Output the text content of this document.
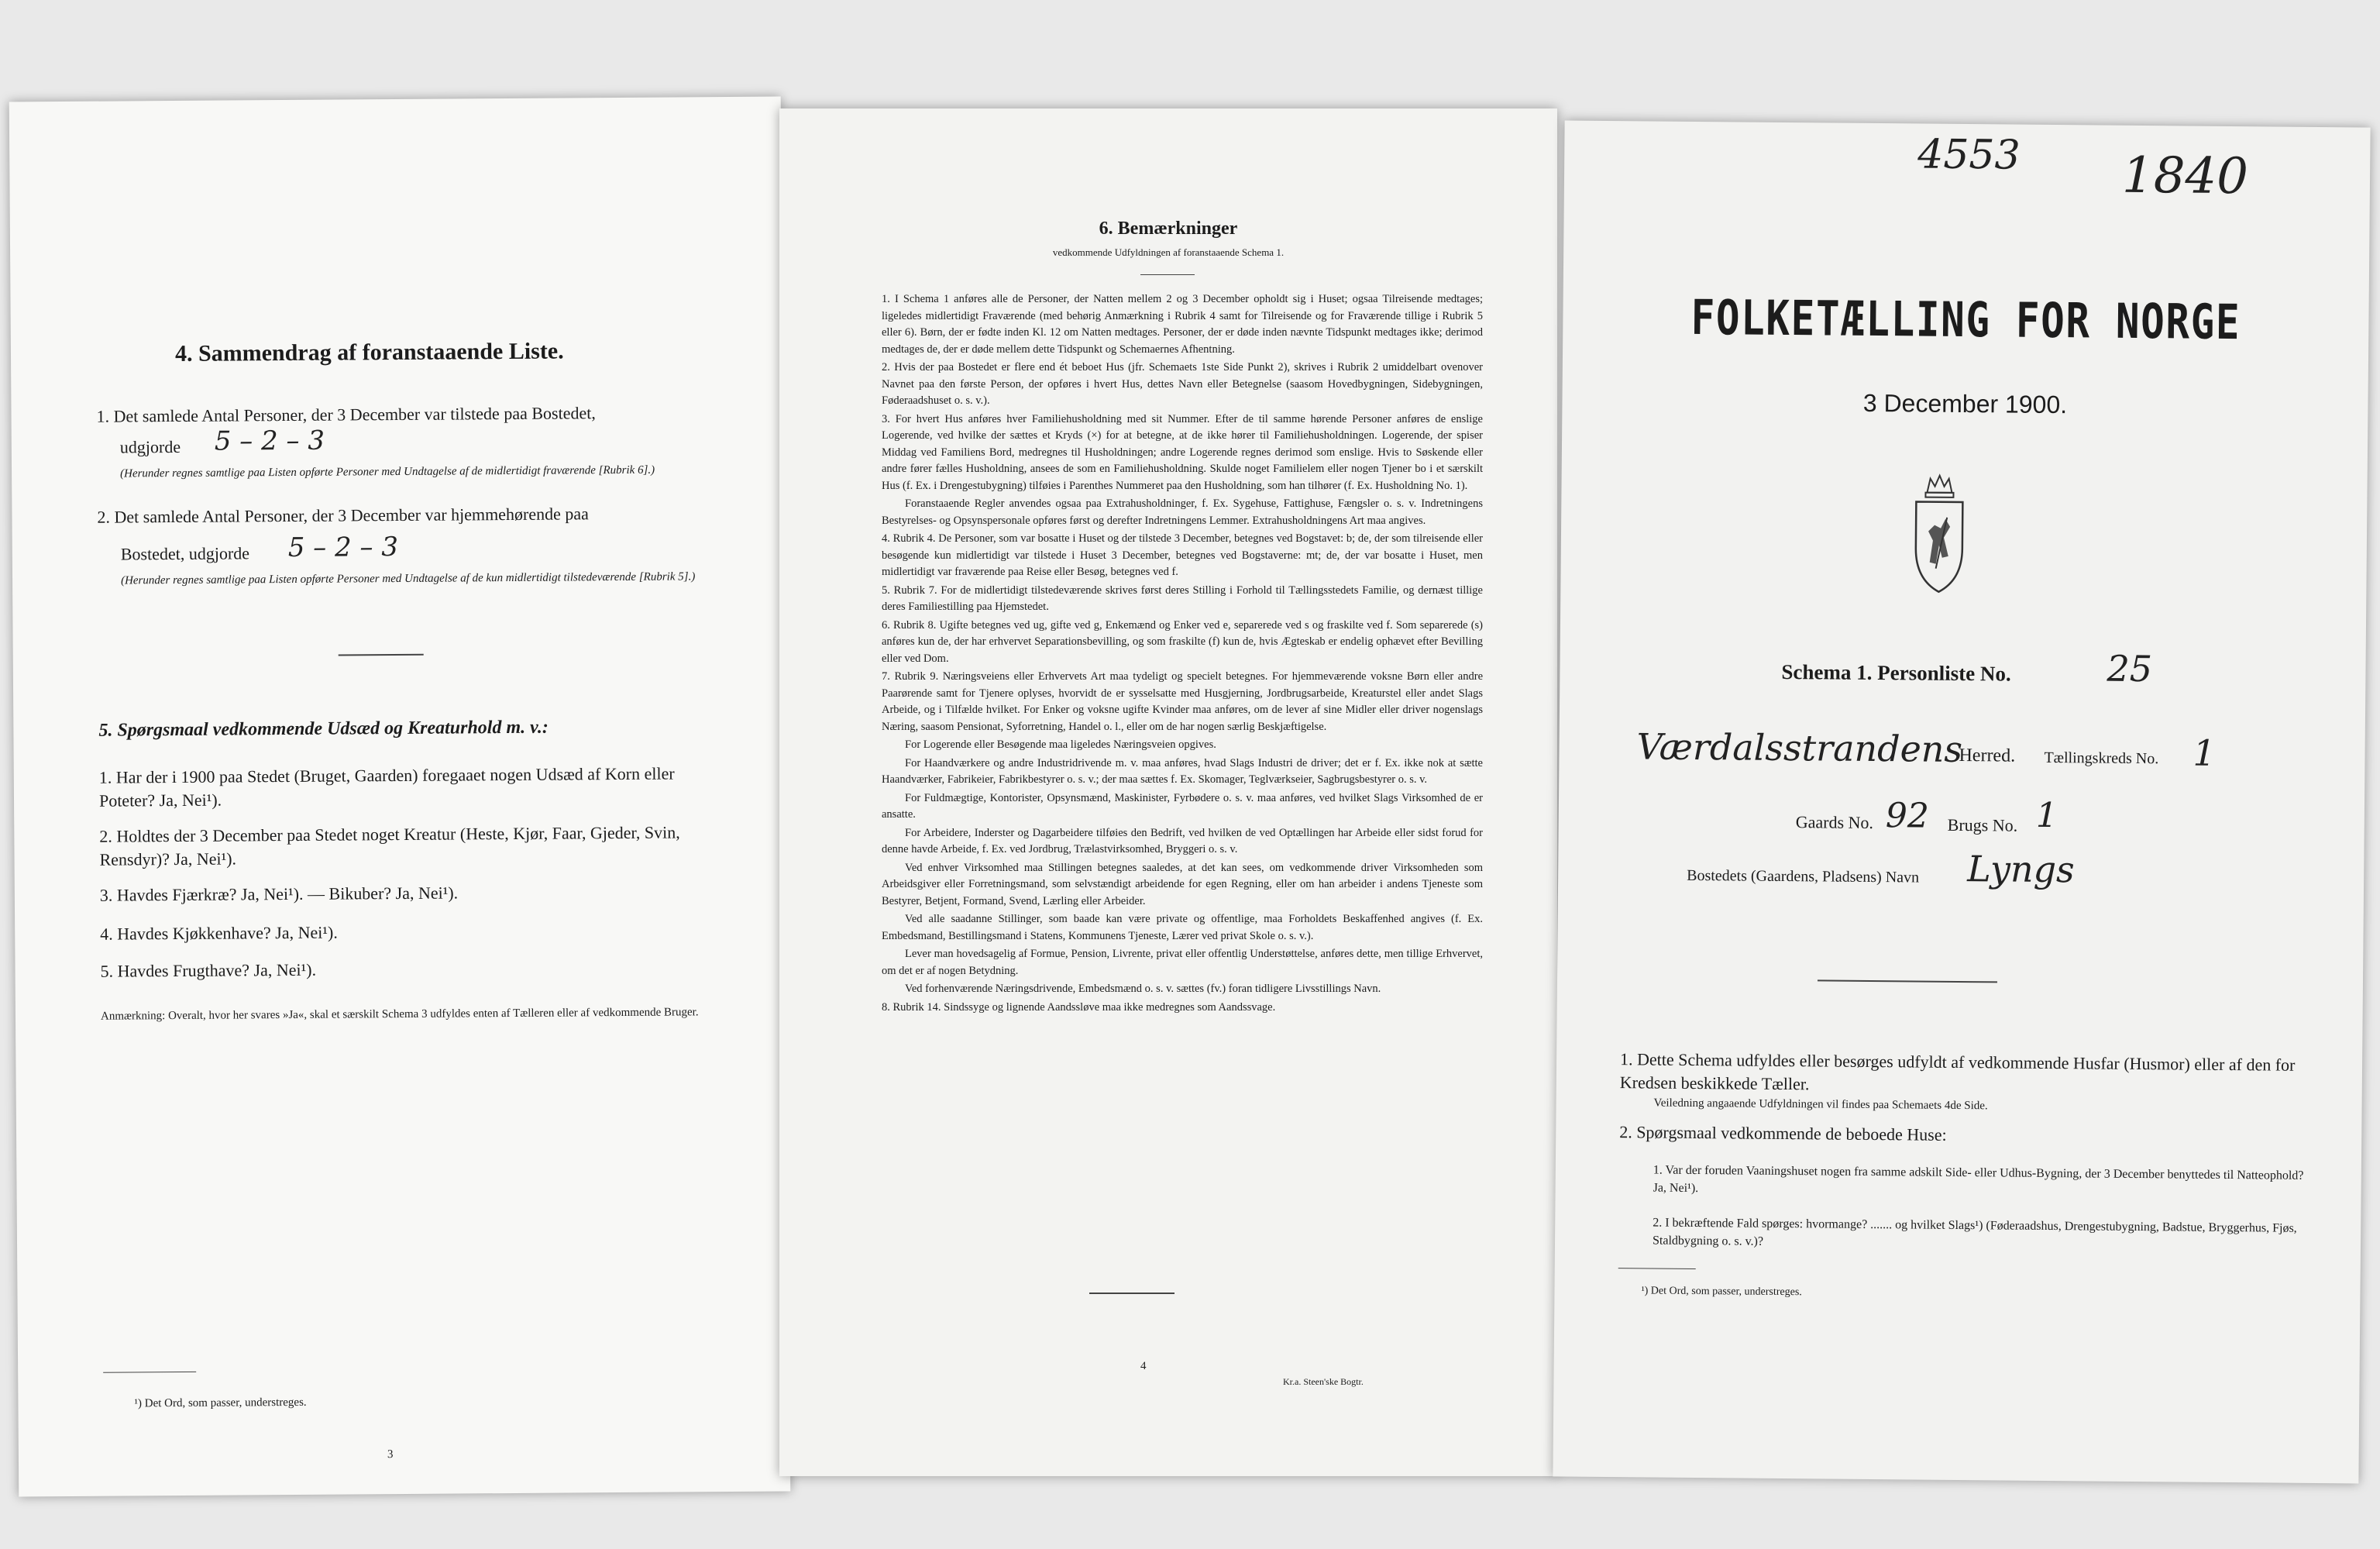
4. Sammendrag af foranstaaende Liste.
1. Det samlede Antal Personer, der 3 December var tilstede paa Bostedet,
udgjorde 5 – 2 – 3
(Herunder regnes samtlige paa Listen opførte Personer med Undtagelse af de midlertidigt fraværende [Rubrik 6].)
2. Det samlede Antal Personer, der 3 December var hjemmehørende paa
Bostedet, udgjorde 5 – 2 – 3
(Herunder regnes samtlige paa Listen opførte Personer med Undtagelse af de kun midlertidigt tilstedeværende [Rubrik 5].)
5. Spørgsmaal vedkommende Udsæd og Kreaturhold m. v.:
1. Har der i 1900 paa Stedet (Bruget, Gaarden) foregaaet nogen Udsæd af Korn eller Poteter? Ja, Nei¹).
2. Holdtes der 3 December paa Stedet noget Kreatur (Heste, Kjør, Faar, Gjeder, Svin, Rensdyr)? Ja, Nei¹).
3. Havdes Fjærkræ? Ja, Nei¹). — Bikuber? Ja, Nei¹).
4. Havdes Kjøkkenhave? Ja, Nei¹).
5. Havdes Frugthave? Ja, Nei¹).
Anmærkning: Overalt, hvor her svares »Ja«, skal et særskilt Schema 3 udfyldes enten af Tælleren eller af vedkommende Bruger.
¹) Det Ord, som passer, understreges.
3
6. Bemærkninger
vedkommende Udfyldningen af foranstaaende Schema 1.

1. I Schema 1 anføres alle de Personer, der Natten mellem 2 og 3 December opholdt sig i Huset; ogsaa Tilreisende medtages; ligeledes midlertidigt Fraværende (med behørig Anmærkning i Rubrik 4 samt for Tilreisende og for Fraværende tillige i Rubrik 5 eller 6). Børn, der er fødte inden Kl. 12 om Natten medtages. Personer, der er døde inden nævnte Tidspunkt medtages ikke; derimod medtages de, der er døde mellem dette Tidspunkt og Schemaernes Afhentning.

2. Hvis der paa Bostedet er flere end ét beboet Hus (jfr. Schemaets 1ste Side Punkt 2), skrives i Rubrik 2 umiddelbart ovenover Navnet paa den første Person, der opføres i hvert Hus, dettes Navn eller Betegnelse (saasom Hovedbygningen, Sidebygningen, Føderaadshuset o. s. v.).

3. For hvert Hus anføres hver Familiehusholdning med sit Nummer. Efter de til samme hørende Personer anføres de enslige Logerende, ved hvilke der sættes et Kryds (×) for at betegne, at de ikke hører til Familiehusholdningen. Logerende, der spiser Middag ved Familiens Bord, medregnes til Husholdningen; andre Logerende regnes derimod som enslige. Hvis to Søskende eller andre fører fælles Husholdning, ansees de som en Familiehusholdning. Skulde noget Familielem eller nogen Tjener bo i et særskilt Hus (f. Ex. i Drengestubygning) tilføies i Parenthes Nummeret paa den Husholdning, som han tilhører (f. Ex. Husholdning No. 1).

Foranstaaende Regler anvendes ogsaa paa Extrahusholdninger, f. Ex. Sygehuse, Fattighuse, Fængsler o. s. v. Indretningens Bestyrelses- og Opsynspersonale opføres først og derefter Indretningens Lemmer. Extrahusholdningens Art maa angives.

4. Rubrik 4. De Personer, som var bosatte i Huset og der tilstede 3 December, betegnes ved Bogstavet: b; de, der som tilreisende eller besøgende kun midlertidigt var tilstede i Huset 3 December, betegnes ved Bogstaverne: mt; de, der var bosatte i Huset, men midlertidigt var fraværende paa Reise eller Besøg, betegnes ved f.

5. Rubrik 7. For de midlertidigt tilstedeværende skrives først deres Stilling i Forhold til Tællingsstedets Familie, og dernæst tillige deres Familiestilling paa Hjemstedet.

6. Rubrik 8. Ugifte betegnes ved ug, gifte ved g, Enkemænd og Enker ved e, separerede ved s og fraskilte ved f. Som separerede (s) anføres kun de, der har erhvervet Separationsbevilling, og som fraskilte (f) kun de, hvis Ægteskab er endelig ophævet efter Bevilling eller ved Dom.

7. Rubrik 9. Næringsveiens eller Erhvervets Art maa tydeligt og specielt betegnes. For hjemmeværende voksne Børn eller andre Paarørende samt for Tjenere oplyses, hvorvidt de er sysselsatte med Husgjerning, Jordbrugsarbeide, Kreaturstel eller andet Slags Arbeide, og i Tilfælde hvilket. For Enker og voksne ugifte Kvinder maa anføres, om de lever af sine Midler eller driver nogenslags Næring, saasom Pensionat, Syforretning, Handel o. l., eller om de har nogen særlig Beskjæftigelse.

For Logerende eller Besøgende maa ligeledes Næringsveien opgives.

For Haandværkere og andre Industridrivende m. v. maa anføres, hvad Slags Industri de driver; det er f. Ex. ikke nok at sætte Haandværker, Fabrikeier, Fabrikbestyrer o. s. v.; der maa sættes f. Ex. Skomager, Teglværkseier, Sagbrugsbestyrer o. s. v.

For Fuldmægtige, Kontorister, Opsynsmænd, Maskinister, Fyrbødere o. s. v. maa anføres, ved hvilket Slags Virksomhed de er ansatte.

For Arbeidere, Inderster og Dagarbeidere tilføies den Bedrift, ved hvilken de ved Optællingen har Arbeide eller sidst forud for denne havde Arbeide, f. Ex. ved Jordbrug, Trælastvirksomhed, Bryggeri o. s. v.

Ved enhver Virksomhed maa Stillingen betegnes saaledes, at det kan sees, om vedkommende driver Virksomheden som Arbeidsgiver eller Forretningsmand, som selvstændigt arbeidende for egen Regning, eller om han arbeider i andens Tjeneste som Bestyrer, Betjent, Formand, Svend, Lærling eller Arbeider.

Ved alle saadanne Stillinger, som baade kan være private og offentlige, maa Forholdets Beskaffenhed angives (f. Ex. Embedsmand, Bestillingsmand i Statens, Kommunens Tjeneste, Lærer ved privat Skole o. s. v.).

Lever man hovedsagelig af Formue, Pension, Livrente, privat eller offentlig Understøttelse, anføres dette, men tillige Erhvervet, om det er af nogen Betydning.

Ved forhenværende Næringsdrivende, Embedsmænd o. s. v. sættes (fv.) foran tidligere Livsstillings Navn.

8. Rubrik 14. Sindssyge og lignende Aandssløve maa ikke medregnes som Aandssvage.

4
Kr.a. Steen'ske Bogtr.
4553 1840
FOLKETÆLLING FOR NORGE
3 December 1900.
Schema 1. Personliste No.	25
Værdalsstrandens
Herred. Tællingskreds No. 1
Gaards No. 92 Brugs No. 1
Bostedets (Gaardens, Pladsens) Navn Lyngs
1. Dette Schema udfyldes eller besørges udfyldt af vedkommende Husfar (Husmor) eller af den for Kredsen beskikkede Tæller.
Veiledning angaaende Udfyldningen vil findes paa Schemaets 4de Side.
2. Spørgsmaal vedkommende de beboede Huse:
1. Var der foruden Vaaningshuset nogen fra samme adskilt Side- eller Udhus-Bygning, der 3 December benyttedes til Natteophold? Ja, Nei¹).
2. I bekræftende Fald spørges: hvormange? ....... og hvilket Slags¹) (Føderaadshus, Drengestubygning, Badstue, Bryggerhus, Fjøs, Staldbygning o. s. v.)?
¹) Det Ord, som passer, understreges.
